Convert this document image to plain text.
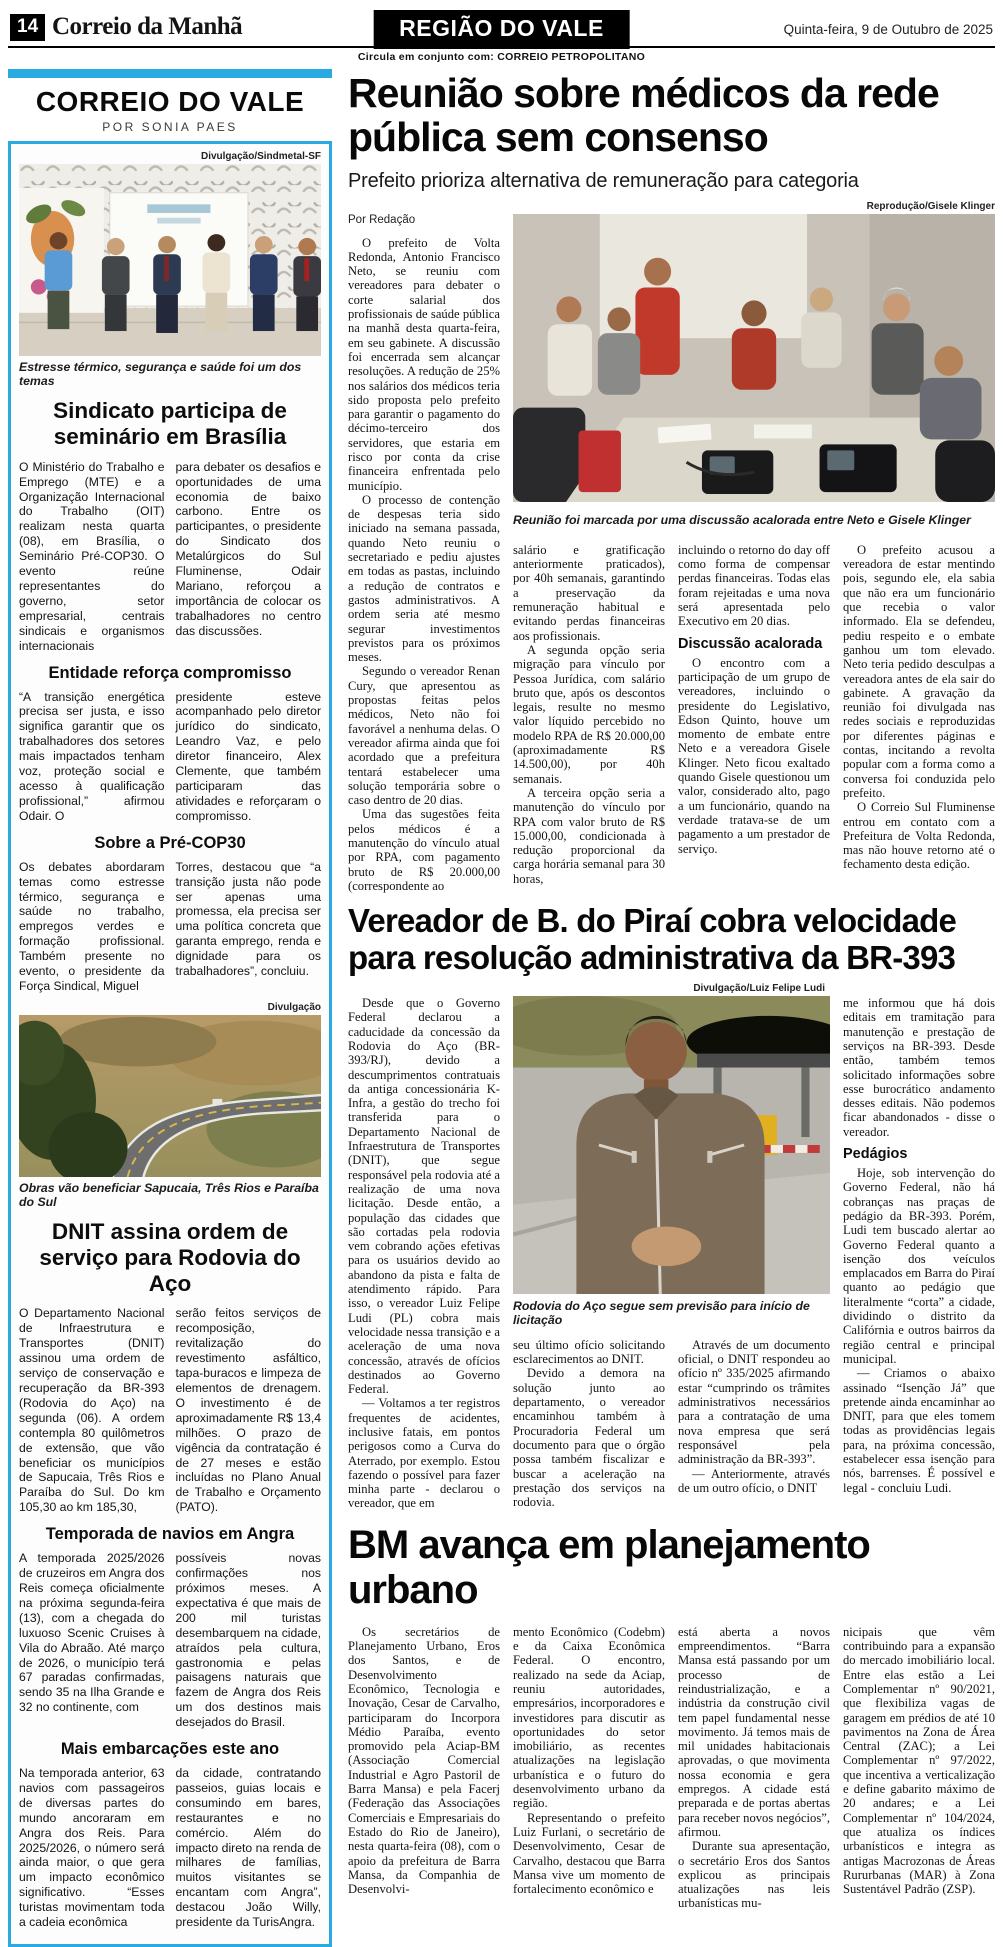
14 Correio da Manhã	REGIÃO DO VALE	Quinta-feira, 9 de Outubro de 2025
Circula em conjunto com: CORREIO PETROPOLITANO
CORREIO DO VALE
POR SONIA PAES
Divulgação/Sindmetal-SF
Estresse térmico, segurança e saúde foi um dos temas
Sindicato participa de seminário em Brasília

O Ministério do Trabalho e Emprego (MTE) e a Organização Internacional do Trabalho (OIT) realizam nesta quarta (08), em Brasília, o Seminário Pré-COP30. O evento reúne representantes do governo, setor empresarial, centrais sindicais e organismos internacionais

para debater os desafios e oportunidades de uma economia de baixo carbono. Entre os participantes, o presidente do Sindicato dos Metalúrgicos do Sul Fluminense, Odair Mariano, reforçou a importância de colocar os trabalhadores no centro das discussões.

Entidade reforça compromisso

“A transição energética precisa ser justa, e isso significa garantir que os trabalhadores dos setores mais impactados tenham voz, proteção social e acesso à qualificação profissional,” afirmou Odair. O

presidente esteve acompanhado pelo diretor jurídico do sindicato, Leandro Vaz, e pelo diretor financeiro, Alex Clemente, que também participaram das atividades e reforçaram o compromisso.

Sobre a Pré-COP30

Os debates abordaram temas como estresse térmico, segurança e saúde no trabalho, empregos verdes e formação profissional. Também presente no evento, o presidente da Força Sindical, Miguel

Torres, destacou que “a transição justa não pode ser apenas uma promessa, ela precisa ser uma política concreta que garanta emprego, renda e dignidade para os trabalhadores”, concluiu.

Divulgação
Obras vão beneficiar Sapucaia, Três Rios e Paraíba do Sul
DNIT assina ordem de serviço para Rodovia do Aço

O Departamento Nacional de Infraestrutura e Transportes (DNIT) assinou uma ordem de serviço de conservação e recuperação da BR-393 (Rodovia do Aço) na segunda (06). A ordem contempla 80 quilômetros de extensão, que vão beneficiar os municípios de Sapucaia, Três Rios e Paraíba do Sul. Do km 105,30 ao km 185,30,

serão feitos serviços de recomposição, revitalização do revestimento asfáltico, tapa-buracos e limpeza de elementos de drenagem. O investimento é de aproximadamente R$ 13,4 milhões. O prazo de vigência da contratação é de 27 meses e estão incluídas no Plano Anual de Trabalho e Orçamento (PATO).

Temporada de navios em Angra

A temporada 2025/2026 de cruzeiros em Angra dos Reis começa oficialmente na próxima segunda-feira (13), com a chegada do luxuoso Scenic Cruises à Vila do Abraão. Até março de 2026, o município terá 67 paradas confirmadas, sendo 35 na Ilha Grande e 32 no continente, com

possíveis novas confirmações nos próximos meses. A expectativa é que mais de 200 mil turistas desembarquem na cidade, atraídos pela cultura, gastronomia e pelas paisagens naturais que fazem de Angra dos Reis um dos destinos mais desejados do Brasil.

Mais embarcações este ano

Na temporada anterior, 63 navios com passageiros de diversas partes do mundo ancoraram em Angra dos Reis. Para 2025/2026, o número será ainda maior, o que gera um impacto econômico significativo. “Esses turistas movimentam toda a cadeia econômica

da cidade, contratando passeios, guias locais e consumindo em bares, restaurantes e no comércio. Além do impacto direto na renda de milhares de famílias, muitos visitantes se encantam com Angra”, destacou João Willy, presidente da TurisAngra.

Reunião sobre médicos da rede pública sem consenso
Prefeito prioriza alternativa de remuneração para categoria
Reprodução/Gisele Klinger
Por Redação

O prefeito de Volta Redonda, Antonio Francisco Neto, se reuniu com vereadores para debater o corte salarial dos profissionais de saúde pública na manhã desta quarta-feira, em seu gabinete. A discussão foi encerrada sem alcançar resoluções. A redução de 25% nos salários dos médicos teria sido proposta pelo prefeito para garantir o pagamento do décimo-terceiro dos servidores, que estaria em risco por conta da crise financeira enfrentada pelo município.

O processo de contenção de despesas teria sido iniciado na semana passada, quando Neto reuniu o secretariado e pediu ajustes em todas as pastas, incluindo a redução de contratos e gastos administrativos. A ordem seria até mesmo segurar investimentos previstos para os próximos meses.

Segundo o vereador Renan Cury, que apresentou as propostas feitas pelos médicos, Neto não foi favorável a nenhuma delas. O vereador afirma ainda que foi acordado que a prefeitura tentará estabelecer uma solução temporária sobre o caso dentro de 20 dias.

Uma das sugestões feita pelos médicos é a manutenção do vínculo atual por RPA, com pagamento bruto de R$ 20.000,00 (correspondente ao

Reunião foi marcada por uma discussão acalorada entre Neto e Gisele Klinger

salário e gratificação anteriormente praticados), por 40h semanais, garantindo a preservação da remuneração habitual e evitando perdas financeiras aos profissionais.

A segunda opção seria migração para vínculo por Pessoa Jurídica, com salário bruto que, após os descontos legais, resulte no mesmo valor líquido percebido no modelo RPA de R$ 20.000,00 (aproximadamente R$ 14.500,00), por 40h semanais.

A terceira opção seria a manutenção do vínculo por RPA com valor bruto de R$ 15.000,00, condicionada à redução proporcional da carga horária semanal para 30 horas,

incluindo o retorno do day off como forma de compensar perdas financeiras. Todas elas foram rejeitadas e uma nova será apresentada pelo Executivo em 20 dias.

Discussão acalorada

O encontro com a participação de um grupo de vereadores, incluindo o presidente do Legislativo, Edson Quinto, houve um momento de embate entre Neto e a vereadora Gisele Klinger. Neto ficou exaltado quando Gisele questionou um valor, considerado alto, pago a um funcionário, quando na verdade tratava-se de um pagamento a um prestador de serviço.

O prefeito acusou a vereadora de estar mentindo pois, segundo ele, ela sabia que não era um funcionário que recebia o valor informado. Ela se defendeu, pediu respeito e o embate ganhou um tom elevado. Neto teria pedido desculpas a vereadora antes de ela sair do gabinete. A gravação da reunião foi divulgada nas redes sociais e reproduzidas por diferentes páginas e contas, incitando a revolta popular com a forma como a conversa foi conduzida pelo prefeito.

O Correio Sul Fluminense entrou em contato com a Prefeitura de Volta Redonda, mas não houve retorno até o fechamento desta edição.

Vereador de B. do Piraí cobra velocidade para resolução administrativa da BR-393
Divulgação/Luiz Felipe Ludi

Desde que o Governo Federal declarou a caducidade da concessão da Rodovia do Aço (BR-393/RJ), devido a descumprimentos contratuais da antiga concessionária K-Infra, a gestão do trecho foi transferida para o Departamento Nacional de Infraestrutura de Transportes (DNIT), que segue responsável pela rodovia até a realização de uma nova licitação. Desde então, a população das cidades que são cortadas pela rodovia vem cobrando ações efetivas para os usuários devido ao abandono da pista e falta de atendimento rápido. Para isso, o vereador Luiz Felipe Ludi (PL) cobra mais velocidade nessa transição e a aceleração de uma nova concessão, através de ofícios destinados ao Governo Federal.

— Voltamos a ter registros frequentes de acidentes, inclusive fatais, em pontos perigosos como a Curva do Aterrado, por exemplo. Estou fazendo o possível para fazer minha parte - declarou o vereador, que em

Rodovia do Aço segue sem previsão para início de licitação

seu último ofício solicitando esclarecimentos ao DNIT.

Devido a demora na solução junto ao departamento, o vereador encaminhou também à Procuradoria Federal um documento para que o órgão possa também fiscalizar e buscar a aceleração na prestação dos serviços na rodovia.

Através de um documento oficial, o DNIT respondeu ao ofício nº 335/2025 afirmando estar “cumprindo os trâmites administrativos necessários para a contratação de uma nova empresa que será responsável pela administração da BR-393”.

— Anteriormente, através de um outro ofício, o DNIT

me informou que há dois editais em tramitação para manutenção e prestação de serviços na BR-393. Desde então, também temos solicitado informações sobre esse burocrático andamento desses editais. Não podemos ficar abandonados - disse o vereador.

Pedágios

Hoje, sob intervenção do Governo Federal, não há cobranças nas praças de pedágio da BR-393. Porém, Ludi tem buscado alertar ao Governo Federal quanto a isenção dos veículos emplacados em Barra do Piraí quanto ao pedágio que literalmente “corta” a cidade, dividindo o distrito da Califórnia e outros bairros da região central e principal municipal.

— Criamos o abaixo assinado “Isenção Já” que pretende ainda encaminhar ao DNIT, para que eles tomem todas as providências legais para, na próxima concessão, estabelecer essa isenção para nós, barrenses. É possível e legal - concluiu Ludi.

BM avança em planejamento urbano

Os secretários de Planejamento Urbano, Eros dos Santos, e de Desenvolvimento Econômico, Tecnologia e Inovação, Cesar de Carvalho, participaram do Incorpora Médio Paraíba, evento promovido pela Aciap-BM (Associação Comercial Industrial e Agro Pastoril de Barra Mansa) e pela Facerj (Federação das Associações Comerciais e Empresariais do Estado do Rio de Janeiro), nesta quarta-feira (08), com o apoio da prefeitura de Barra Mansa, da Companhia de Desenvolvi-

mento Econômico (Codebm) e da Caixa Econômica Federal. O encontro, realizado na sede da Aciap, reuniu autoridades, empresários, incorporadores e investidores para discutir as oportunidades do setor imobiliário, as recentes atualizações na legislação urbanística e o futuro do desenvolvimento urbano da região.

Representando o prefeito Luiz Furlani, o secretário de Desenvolvimento, Cesar de Carvalho, destacou que Barra Mansa vive um momento de fortalecimento econômico e

está aberta a novos empreendimentos. “Barra Mansa está passando por um processo de reindustrialização, e a indústria da construção civil tem papel fundamental nesse movimento. Já temos mais de mil unidades habitacionais aprovadas, o que movimenta nossa economia e gera empregos. A cidade está preparada e de portas abertas para receber novos negócios”, afirmou.

Durante sua apresentação, o secretário Eros dos Santos explicou as principais atualizações nas leis urbanísticas mu-

nicipais que vêm contribuindo para a expansão do mercado imobiliário local. Entre elas estão a Lei Complementar nº 90/2021, que flexibiliza vagas de garagem em prédios de até 10 pavimentos na Zona de Área Central (ZAC); a Lei Complementar nº 97/2022, que incentiva a verticalização e define gabarito máximo de 20 andares; e a Lei Complementar nº 104/2024, que atualiza os índices urbanísticos e integra as antigas Macrozonas de Áreas Rururbanas (MAR) à Zona Sustentável Padrão (ZSP).
